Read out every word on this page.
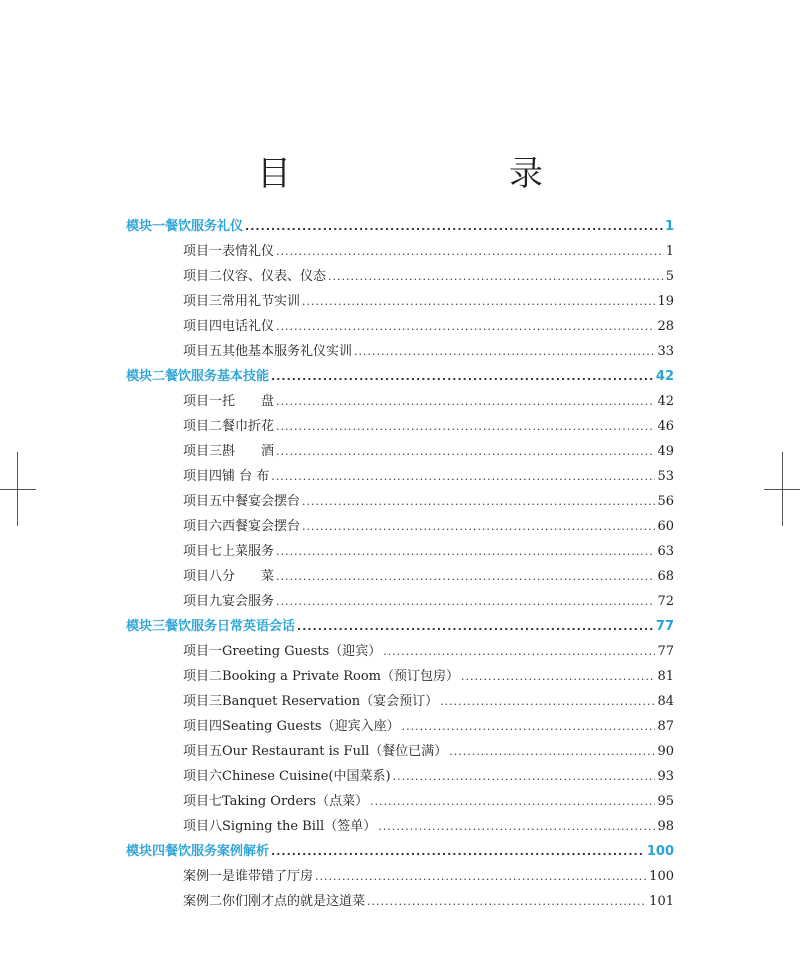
目　　录
模块一 餐饮服务礼仪 .....	1
项目一 表情礼仪 .....	1
项目二 仪容、仪表、仪态 .....	5
项目三 常用礼节实训 .....	19
项目四 电话礼仪 .....	28
项目五 其他基本服务礼仪实训 .....	33
模块二 餐饮服务基本技能 .....	42
项目一 托　　盘 .....	42
项目二 餐巾折花 .....	46
项目三 斟　　酒 .....	49
项目四 铺 台 布 .....	53
项目五 中餐宴会摆台 .....	56
项目六 西餐宴会摆台 .....	60
项目七 上菜服务 .....	63
项目八 分　　菜 .....	68
项目九 宴会服务 .....	72
模块三 餐饮服务日常英语会话 .....	77
项目一 Greeting Guests（迎宾） .....	77
项目二 Booking a Private Room（预订包房） .....	81
项目三 Banquet Reservation（宴会预订） .....	84
项目四 Seating Guests（迎宾入座） .....	87
项目五 Our Restaurant is Full（餐位已满） .....	90
项目六 Chinese Cuisine(中国菜系) .....	93
项目七 Taking Orders（点菜） .....	95
项目八 Signing the Bill（签单） .....	98
模块四 餐饮服务案例解析 .....	100
案例一 是谁带错了厅房 .....	100
案例二 你们刚才点的就是这道菜 .....	101
